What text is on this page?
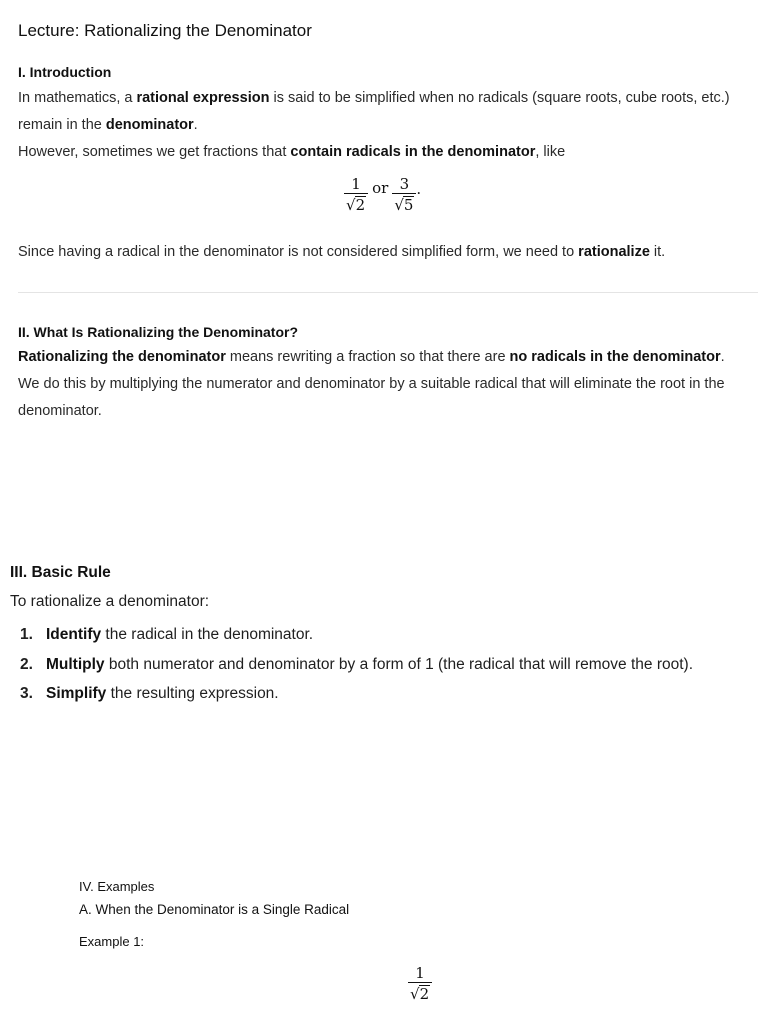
Lecture: Rationalizing the Denominator
I. Introduction

In mathematics, a rational expression is said to be simplified when no radicals (square roots, cube roots, etc.) remain in the denominator.

However, sometimes we get fractions that contain radicals in the denominator, like

$\frac{1}{√2}$ or $\frac{3}{√5}$ .

Since having a radical in the denominator is not considered simplified form, we need to rationalize it.

II. What Is Rationalizing the Denominator?

Rationalizing the denominator means rewriting a fraction so that there are no radicals in the denominator.

We do this by multiplying the numerator and denominator by a suitable radical that will eliminate the root in the denominator.

III. Basic Rule

To rationalize a denominator:

1. Identify the radical in the denominator.
2. Multiply both numerator and denominator by a form of 1 (the radical that will remove the root).
3. Simplify the resulting expression.
IV. Examples
A. When the Denominator is a Single Radical

Example 1:

$\frac{1}{√2}$
